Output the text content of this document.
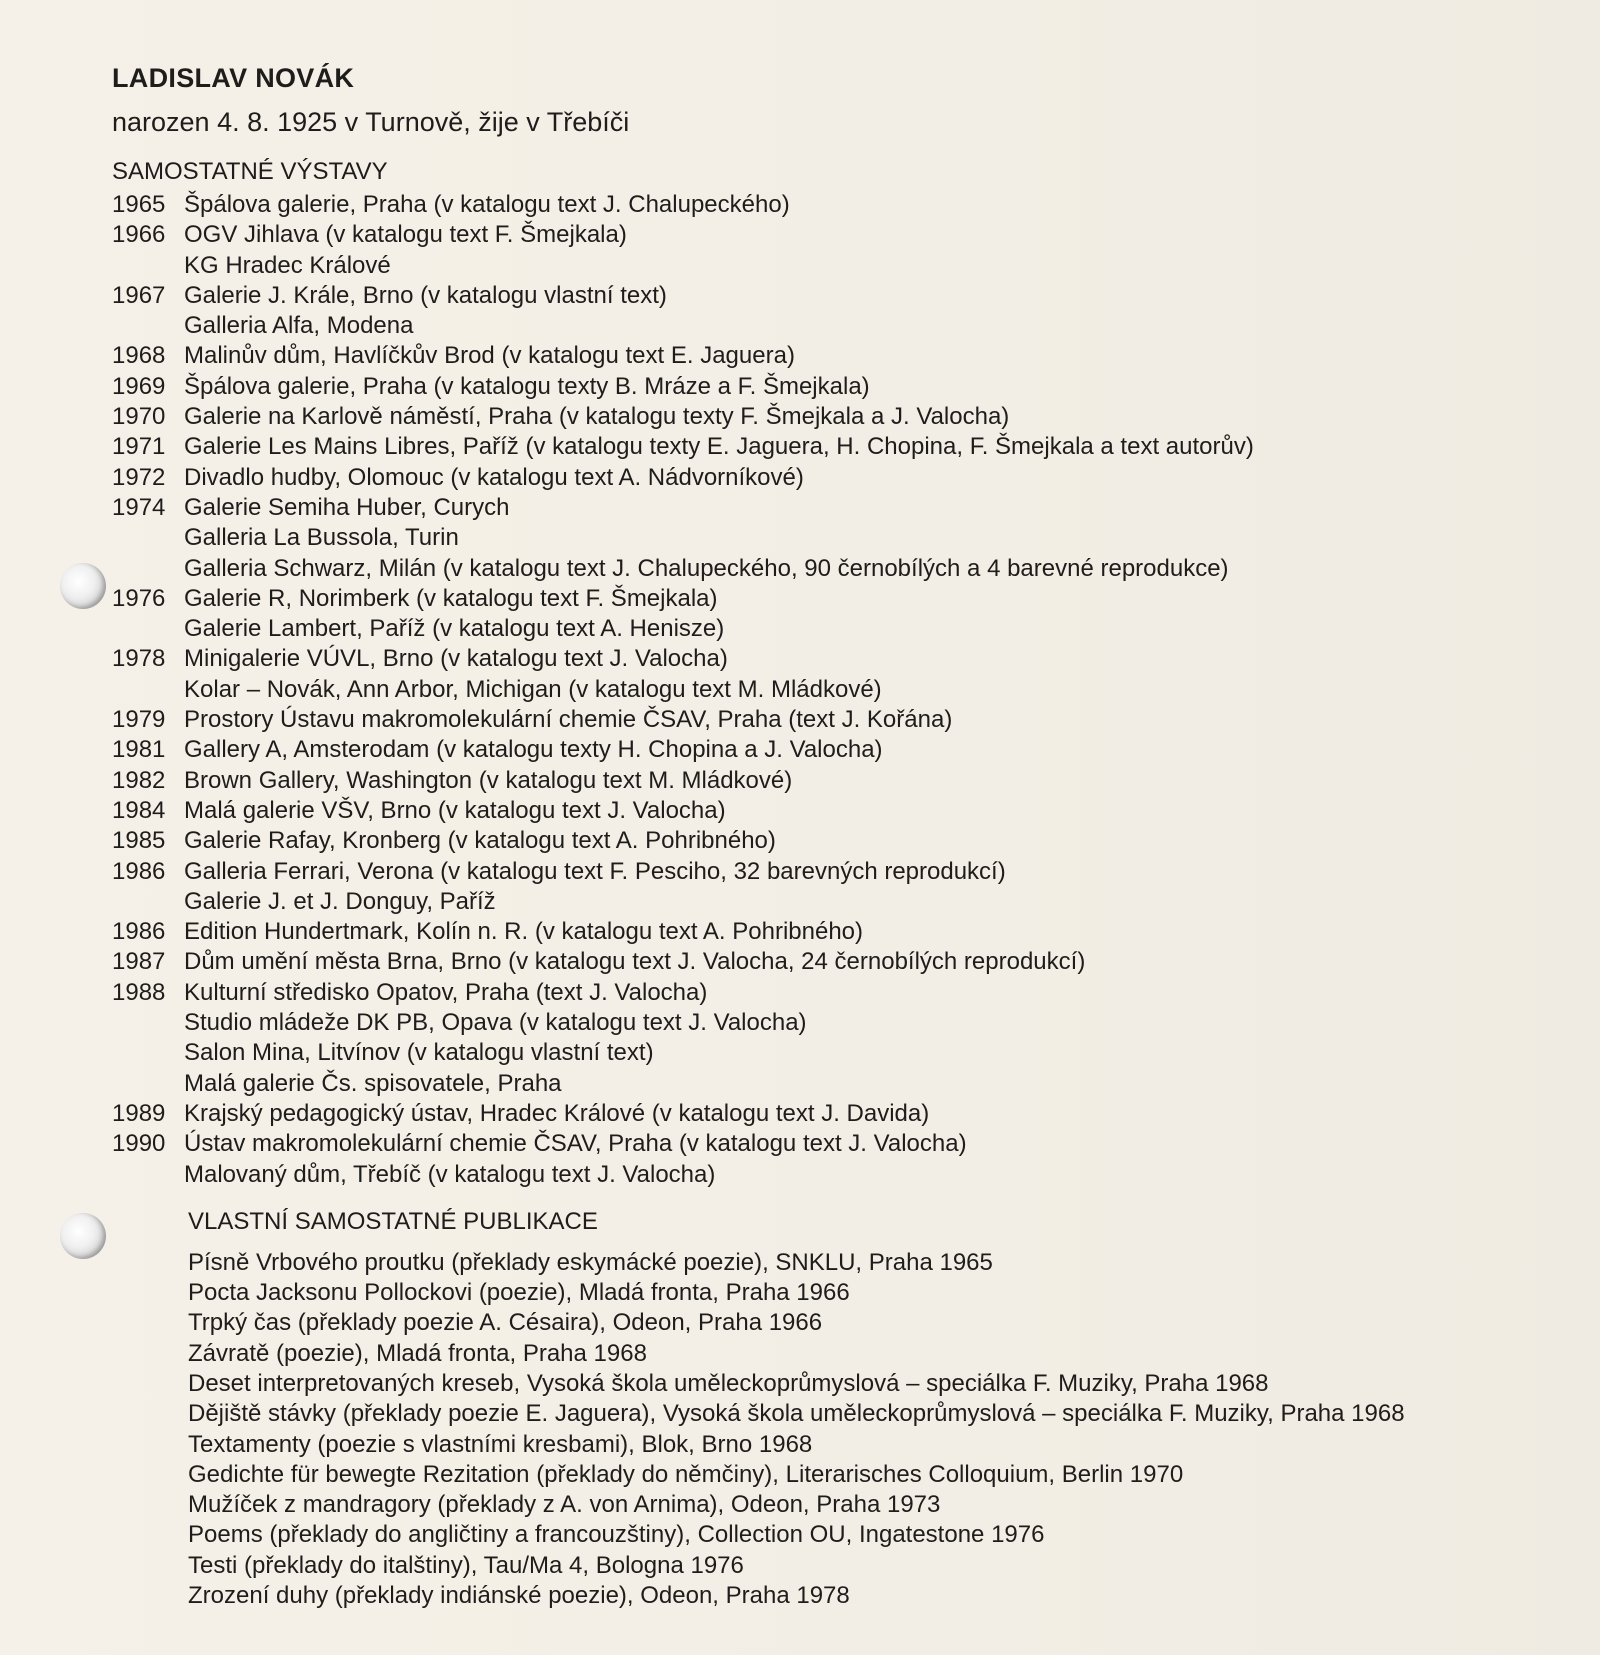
LADISLAV NOVÁK

narozen 4. 8. 1925 v Turnově, žije v Třebíči

SAMOSTATNÉ VÝSTAVY
1965 Špálova galerie, Praha (v katalogu text J. Chalupeckého)
1966 OGV Jihlava (v katalogu text F. Šmejkala)
KG Hradec Králové
1967 Galerie J. Krále, Brno (v katalogu vlastní text)
Galleria Alfa, Modena
1968 Malinův dům, Havlíčkův Brod (v katalogu text E. Jaguera)
1969 Špálova galerie, Praha (v katalogu texty B. Mráze a F. Šmejkala)
1970 Galerie na Karlově náměstí, Praha (v katalogu texty F. Šmejkala a J. Valocha)
1971 Galerie Les Mains Libres, Paříž (v katalogu texty E. Jaguera, H. Chopina, F. Šmejkala a text autorův)
1972 Divadlo hudby, Olomouc (v katalogu text A. Nádvorníkové)
1974 Galerie Semiha Huber, Curych
Galleria La Bussola, Turin
Galleria Schwarz, Milán (v katalogu text J. Chalupeckého, 90 černobílých a 4 barevné reprodukce)
1976 Galerie R, Norimberk (v katalogu text F. Šmejkala)
Galerie Lambert, Paříž (v katalogu text A. Henisze)
1978 Minigalerie VÚVL, Brno (v katalogu text J. Valocha)
Kolar – Novák, Ann Arbor, Michigan (v katalogu text M. Mládkové)
1979 Prostory Ústavu makromolekulární chemie ČSAV, Praha (text J. Kořána)
1981 Gallery A, Amsterodam (v katalogu texty H. Chopina a J. Valocha)
1982 Brown Gallery, Washington (v katalogu text M. Mládkové)
1984 Malá galerie VŠV, Brno (v katalogu text J. Valocha)
1985 Galerie Rafay, Kronberg (v katalogu text A. Pohribného)
1986 Galleria Ferrari, Verona (v katalogu text F. Pesciho, 32 barevných reprodukcí)
Galerie J. et J. Donguy, Paříž
1986 Edition Hundertmark, Kolín n. R. (v katalogu text A. Pohribného)
1987 Dům umění města Brna, Brno (v katalogu text J. Valocha, 24 černobílých reprodukcí)
1988 Kulturní středisko Opatov, Praha (text J. Valocha)
Studio mládeže DK PB, Opava (v katalogu text J. Valocha)
Salon Mina, Litvínov (v katalogu vlastní text)
Malá galerie Čs. spisovatele, Praha
1989 Krajský pedagogický ústav, Hradec Králové (v katalogu text J. Davida)
1990 Ústav makromolekulární chemie ČSAV, Praha (v katalogu text J. Valocha)
Malovaný dům, Třebíč (v katalogu text J. Valocha)
VLASTNÍ SAMOSTATNÉ PUBLIKACE
Písně Vrbového proutku (překlady eskymácké poezie), SNKLU, Praha 1965
Pocta Jacksonu Pollockovi (poezie), Mladá fronta, Praha 1966
Trpký čas (překlady poezie A. Césaira), Odeon, Praha 1966
Závratě (poezie), Mladá fronta, Praha 1968
Deset interpretovaných kreseb, Vysoká škola uměleckoprůmyslová – speciálka F. Muziky, Praha 1968
Dějiště stávky (překlady poezie E. Jaguera), Vysoká škola uměleckoprůmyslová – speciálka F. Muziky, Praha 1968
Textamenty (poezie s vlastními kresbami), Blok, Brno 1968
Gedichte für bewegte Rezitation (překlady do němčiny), Literarisches Colloquium, Berlin 1970
Mužíček z mandragory (překlady z A. von Arnima), Odeon, Praha 1973
Poems (překlady do angličtiny a francouzštiny), Collection OU, Ingatestone 1976
Testi (překlady do italštiny), Tau/Ma 4, Bologna 1976
Zrození duhy (překlady indiánské poezie), Odeon, Praha 1978
